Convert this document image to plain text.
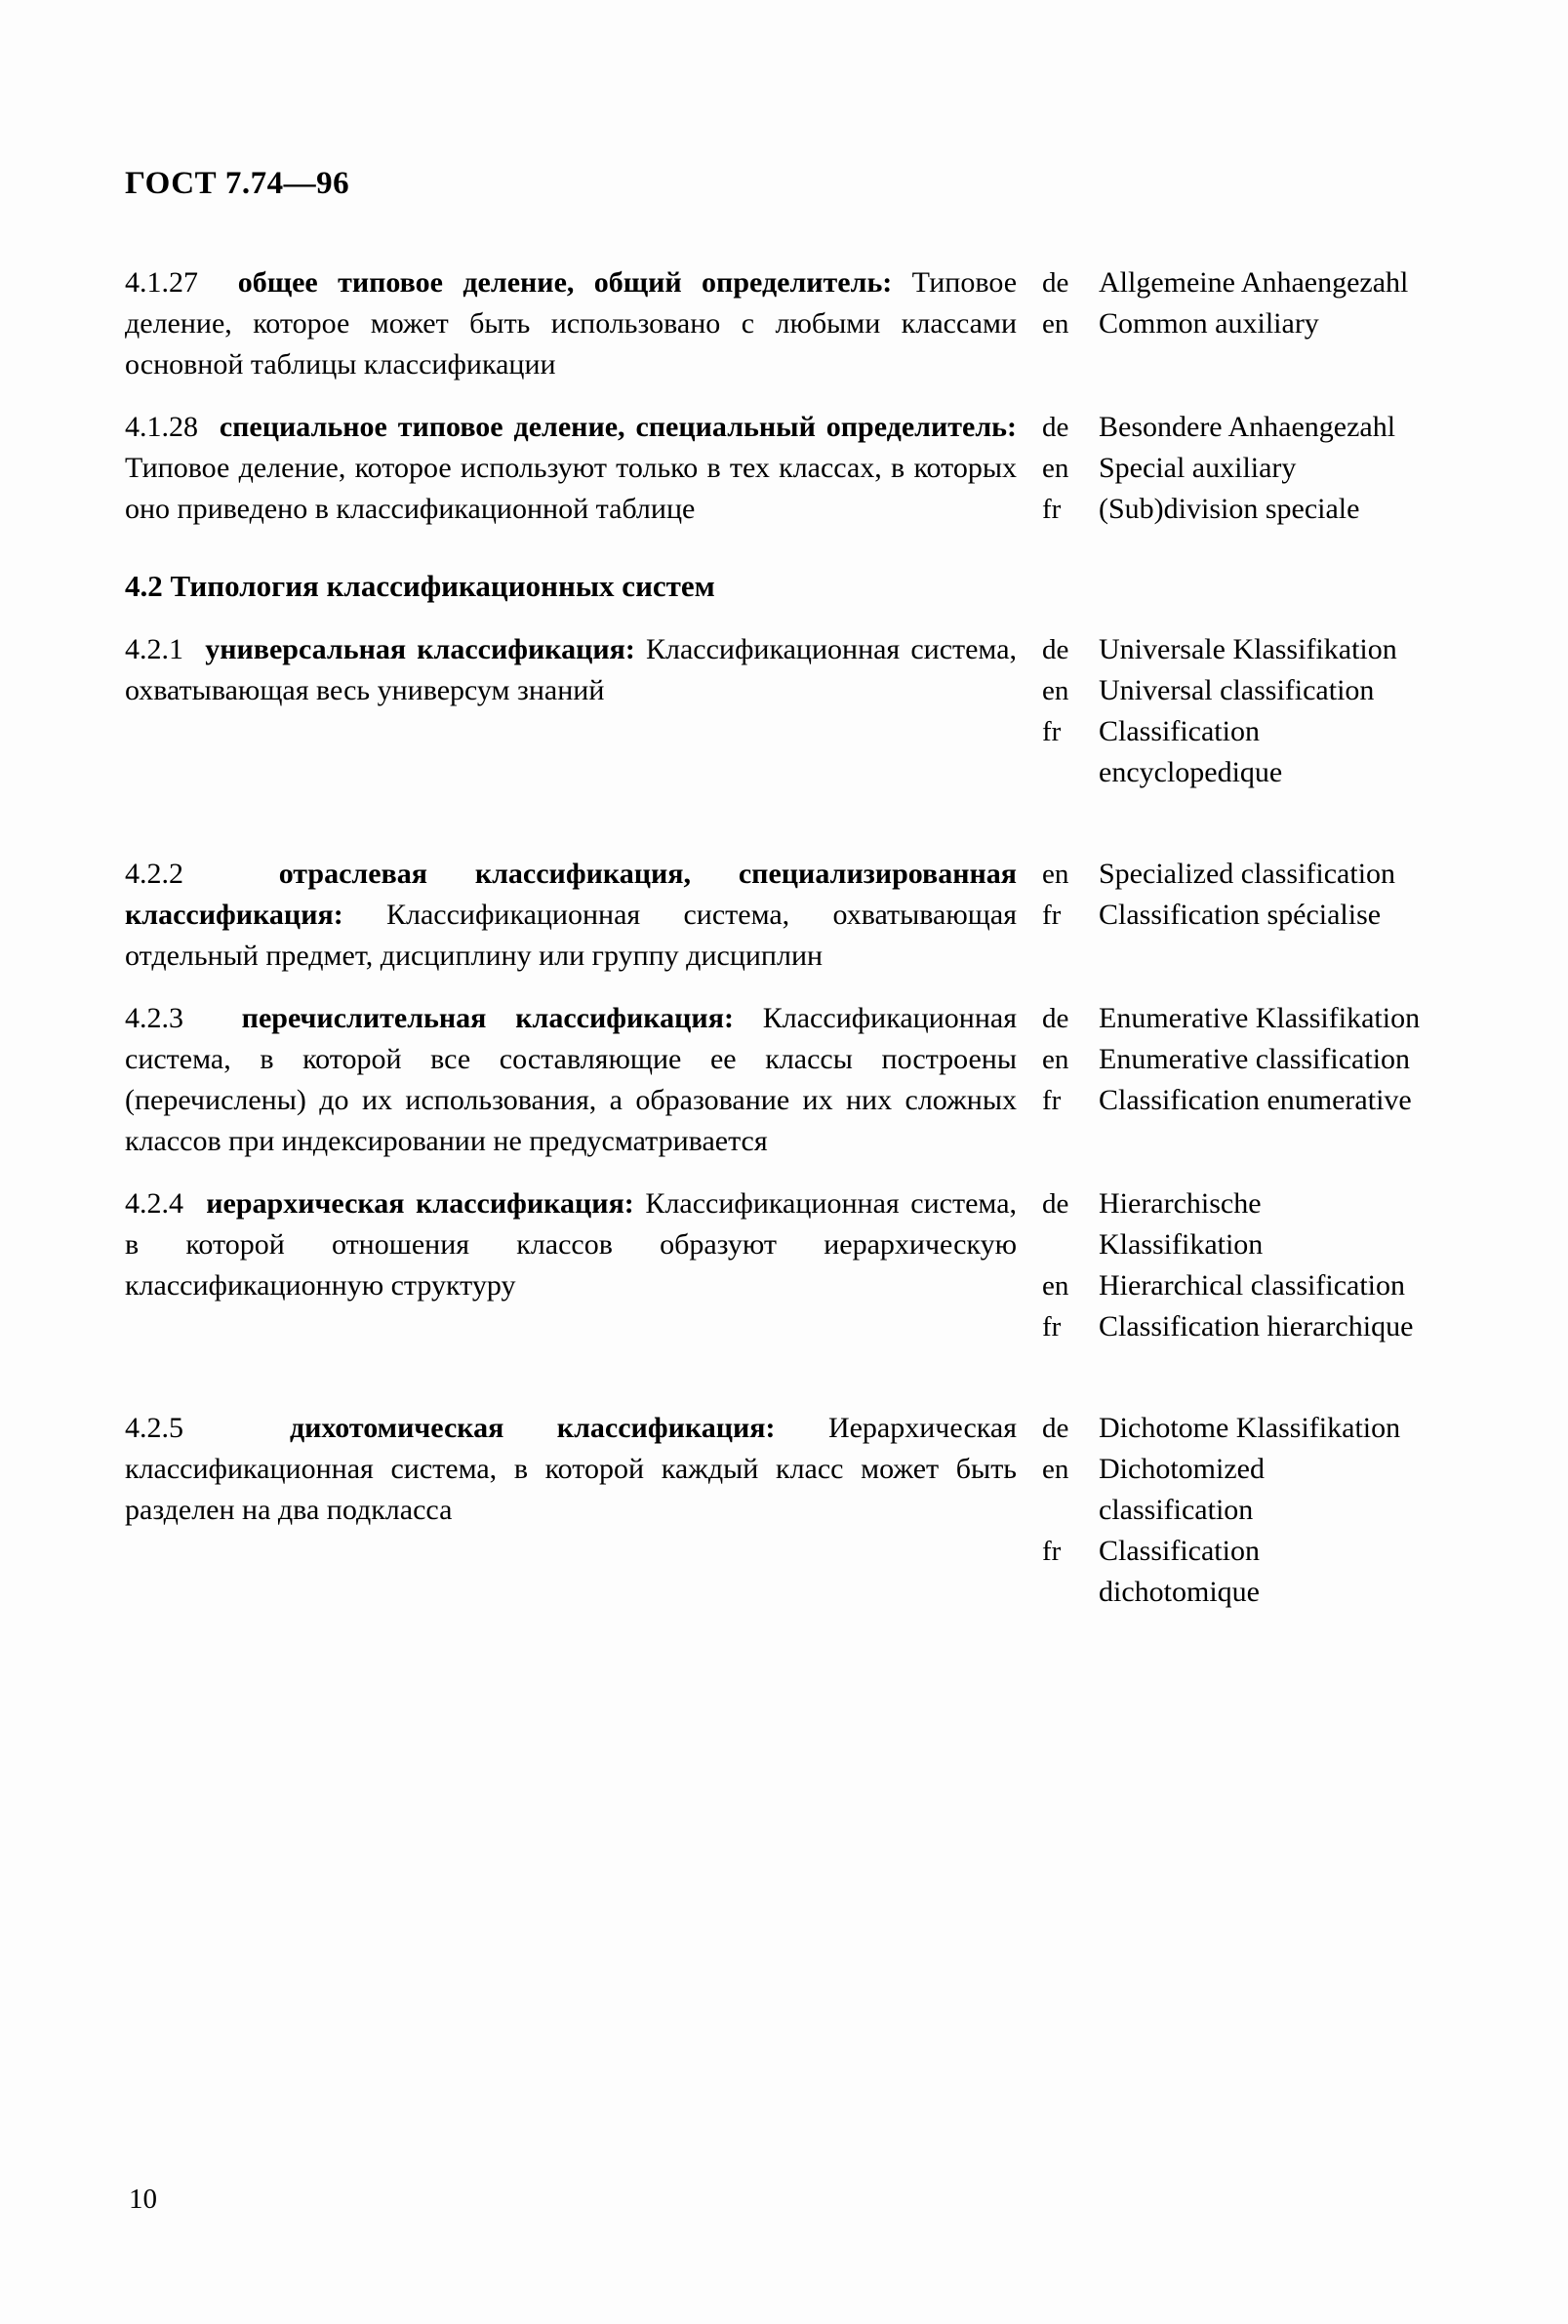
ГОСТ 7.74—96
4.1.27 общее типовое деление, общий определитель: Типовое деление, которое может быть использовано с любыми классами основной таблицы классификации
de	Allgemeine Anhaengezahl
en	Common auxiliary
4.1.28 специальное типовое деление, специальный определитель: Типовое деление, которое используют только в тех классах, в которых оно приведено в классификационной таблице
de	Besondere Anhaengezahl
en	Special auxiliary
fr	(Sub)division speciale
4.2 Типология классификационных систем
4.2.1 универсальная классификация: Классификационная система, охватывающая весь универсум знаний
de	Universale Klassifikation
en	Universal classification
fr	Classification encyclopedique
4.2.2	отраслевая классификация, специализированная классификация: Классификационная система, охватывающая отдельный предмет, дисциплину или группу дисциплин
en	Specialized classification
fr	Classification spécialise
4.2.3 перечислительная классификация: Классификационная система, в которой все составляющие ее классы построены (перечислены) до их использования, а образование их них сложных классов при индексировании не предусматривается
de	Enumerative Klassifikation
en	Enumerative classification
fr	Classification enumerative
4.2.4 иерархическая классификация: Классификационная система, в которой отношения классов образуют иерархическую классификационную структуру
de	Hierarchische Klassifikation
en	Hierarchical classification
fr	Classification hierarchique
4.2.5	дихотомическая классификация: Иерархическая классификационная система, в которой каждый класс может быть разделен на два подкласса
de	Dichotome Klassifikation
en	Dichotomized classification
fr	Classification dichotomique
10
